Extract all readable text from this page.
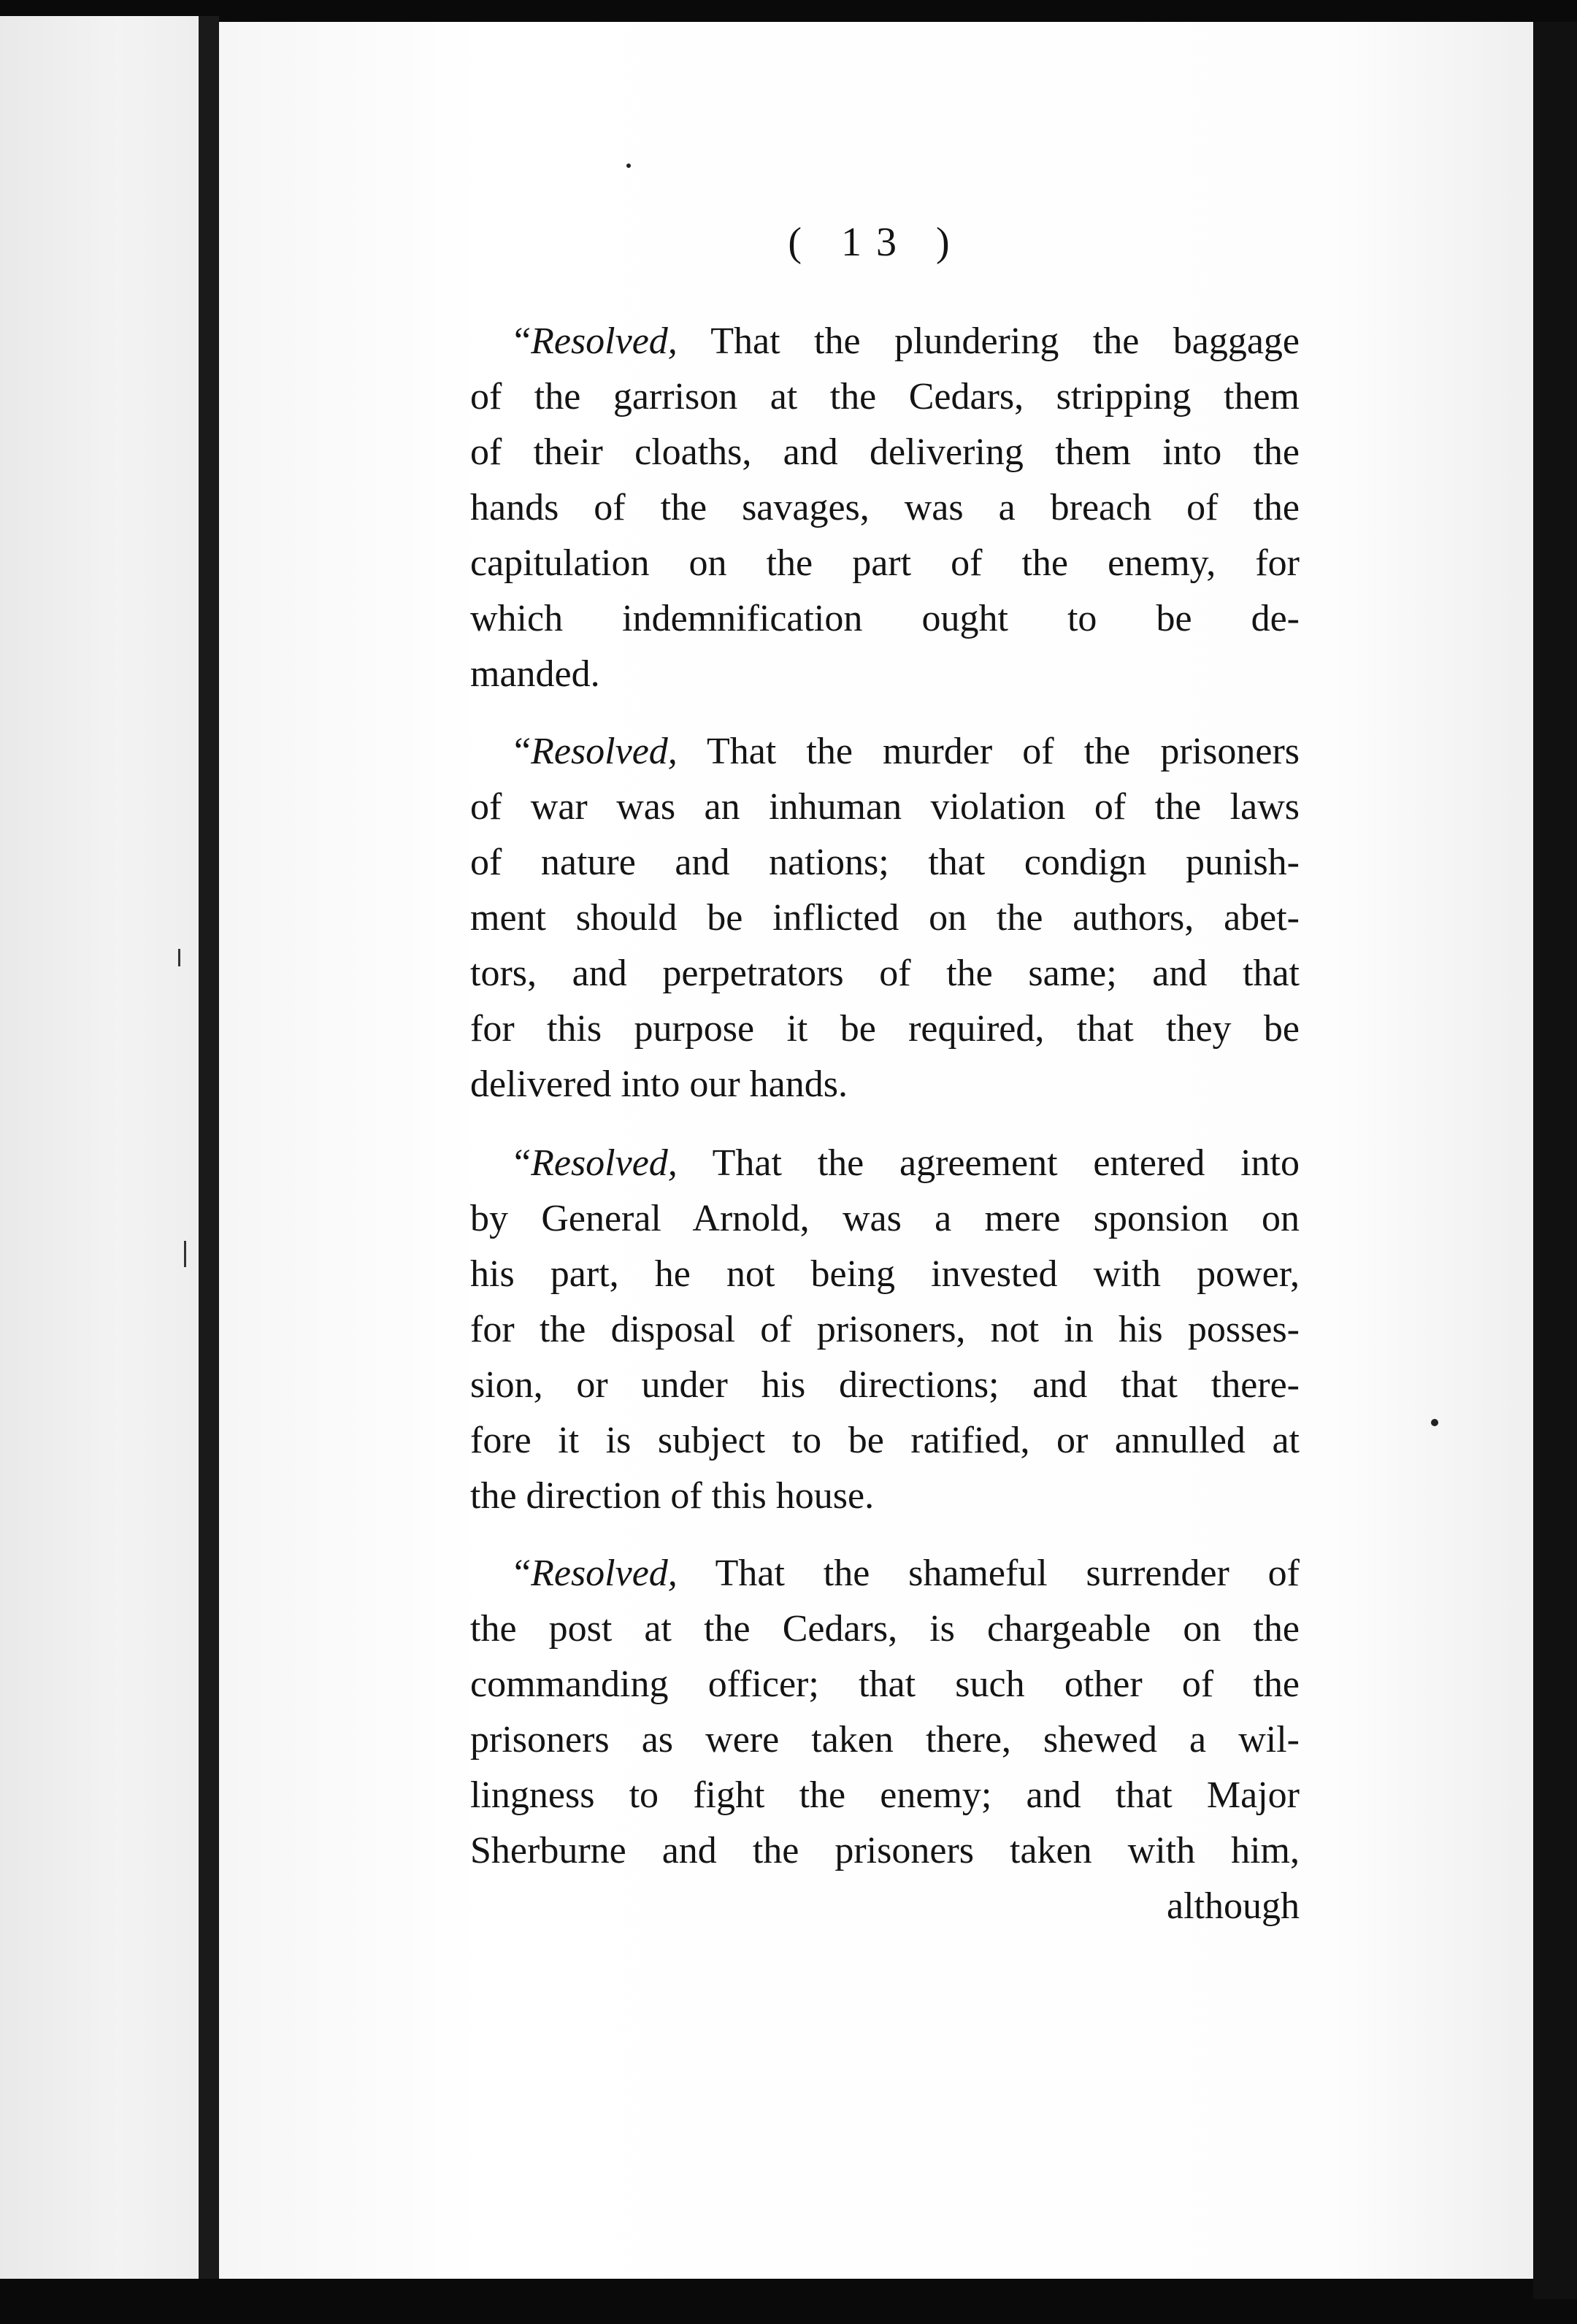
( 13 )
“Resolved, That the plundering the baggage
of the garrison at the Cedars, stripping them
of their cloaths, and delivering them into the
hands of the savages, was a breach of the
capitulation on the part of the enemy, for
which indemnification ought to be de-
manded.
“Resolved, That the murder of the prisoners
of war was an inhuman violation of the laws
of nature and nations; that condign punish-
ment should be inflicted on the authors, abet-
tors, and perpetrators of the same; and that
for this purpose it be required, that they be
delivered into our hands.
“Resolved, That the agreement entered into
by General Arnold, was a mere sponsion on
his part, he not being invested with power,
for the disposal of prisoners, not in his posses-
sion, or under his directions; and that there-
fore it is subject to be ratified, or annulled at
the direction of this house.
“Resolved, That the shameful surrender of
the post at the Cedars, is chargeable on the
commanding officer; that such other of the
prisoners as were taken there, shewed a wil-
lingness to fight the enemy; and that Major
Sherburne and the prisoners taken with him,
although
